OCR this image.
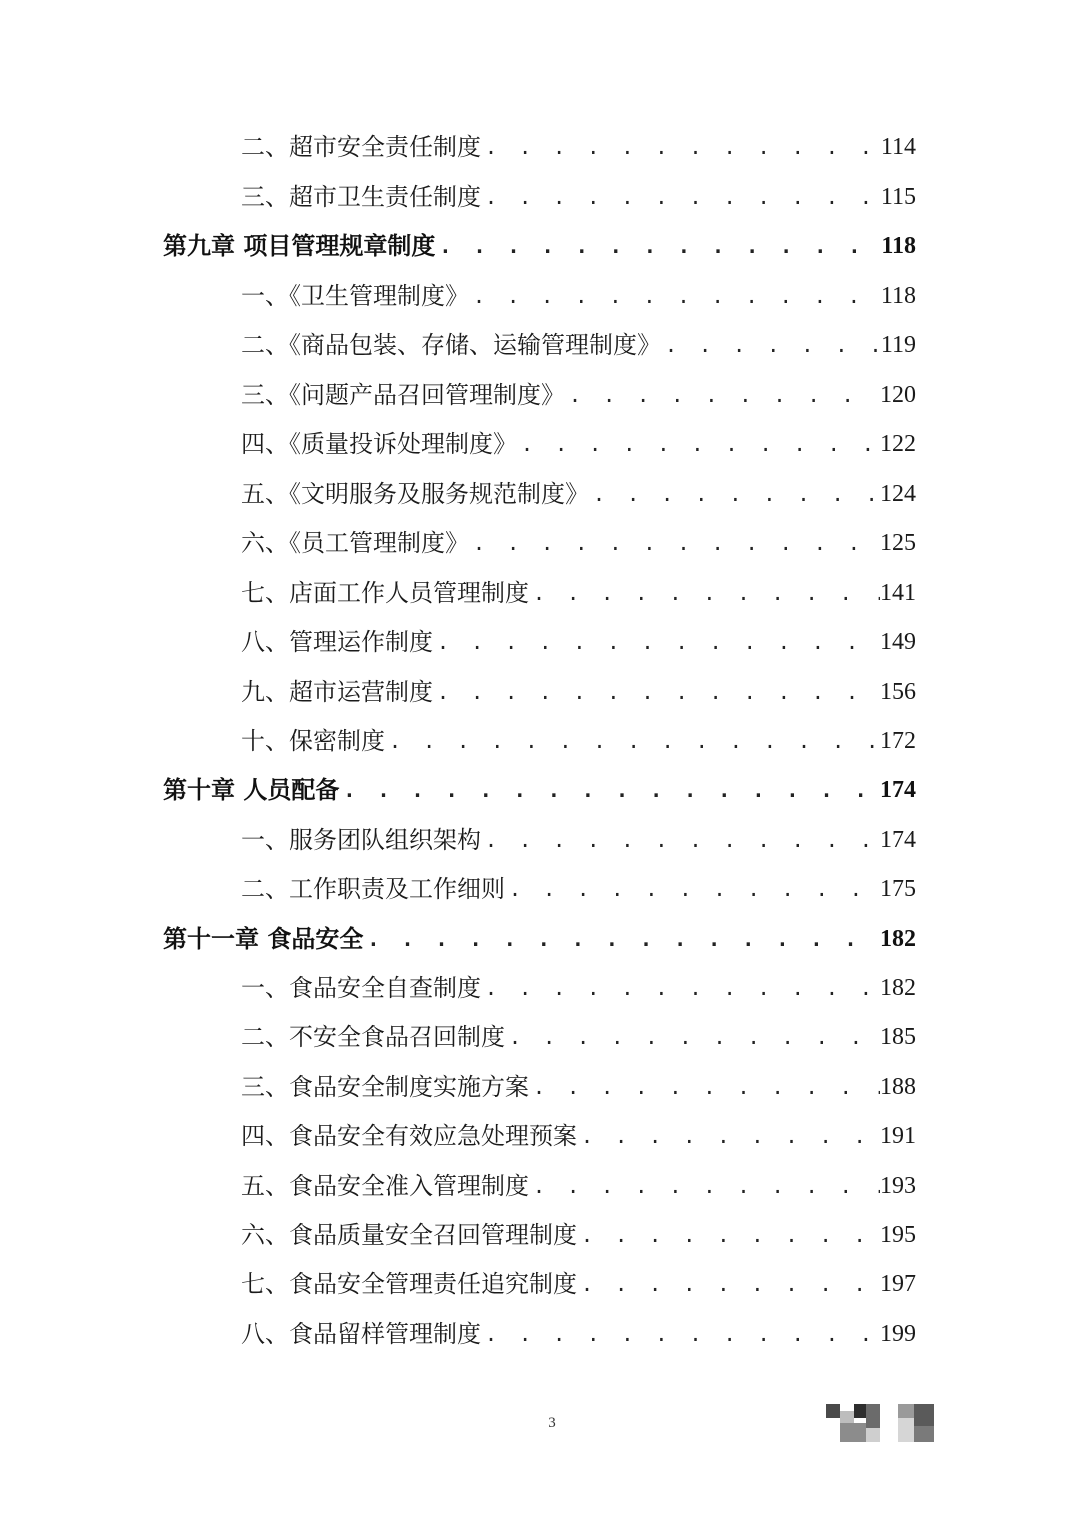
二、超市安全责任制度 . . .	114
三、超市卫生责任制度 . . .	115
第九章 项目管理规章制度 . . .	118
一、《卫生管理制度》 . . .	118
二、《商品包装、存储、运输管理制度》 . . .	119
三、《问题产品召回管理制度》 . . .	120
四、《质量投诉处理制度》 . . .	122
五、《文明服务及服务规范制度》 . . .	124
六、《员工管理制度》 . . .	125
七、店面工作人员管理制度 . . .	141
八、管理运作制度 . . .	149
九、超市运营制度 . . .	156
十、保密制度 . . .	172
第十章 人员配备 . . .	174
一、服务团队组织架构 . . .	174
二、工作职责及工作细则 . . .	175
第十一章 食品安全 . . .	182
一、食品安全自查制度 . . .	182
二、不安全食品召回制度 . . .	185
三、食品安全制度实施方案 . . .	188
四、食品安全有效应急处理预案 . . .	191
五、食品安全准入管理制度 . . .	193
六、食品质量安全召回管理制度 . . .	195
七、食品安全管理责任追究制度 . . .	197
八、食品留样管理制度 . . .	199
3
